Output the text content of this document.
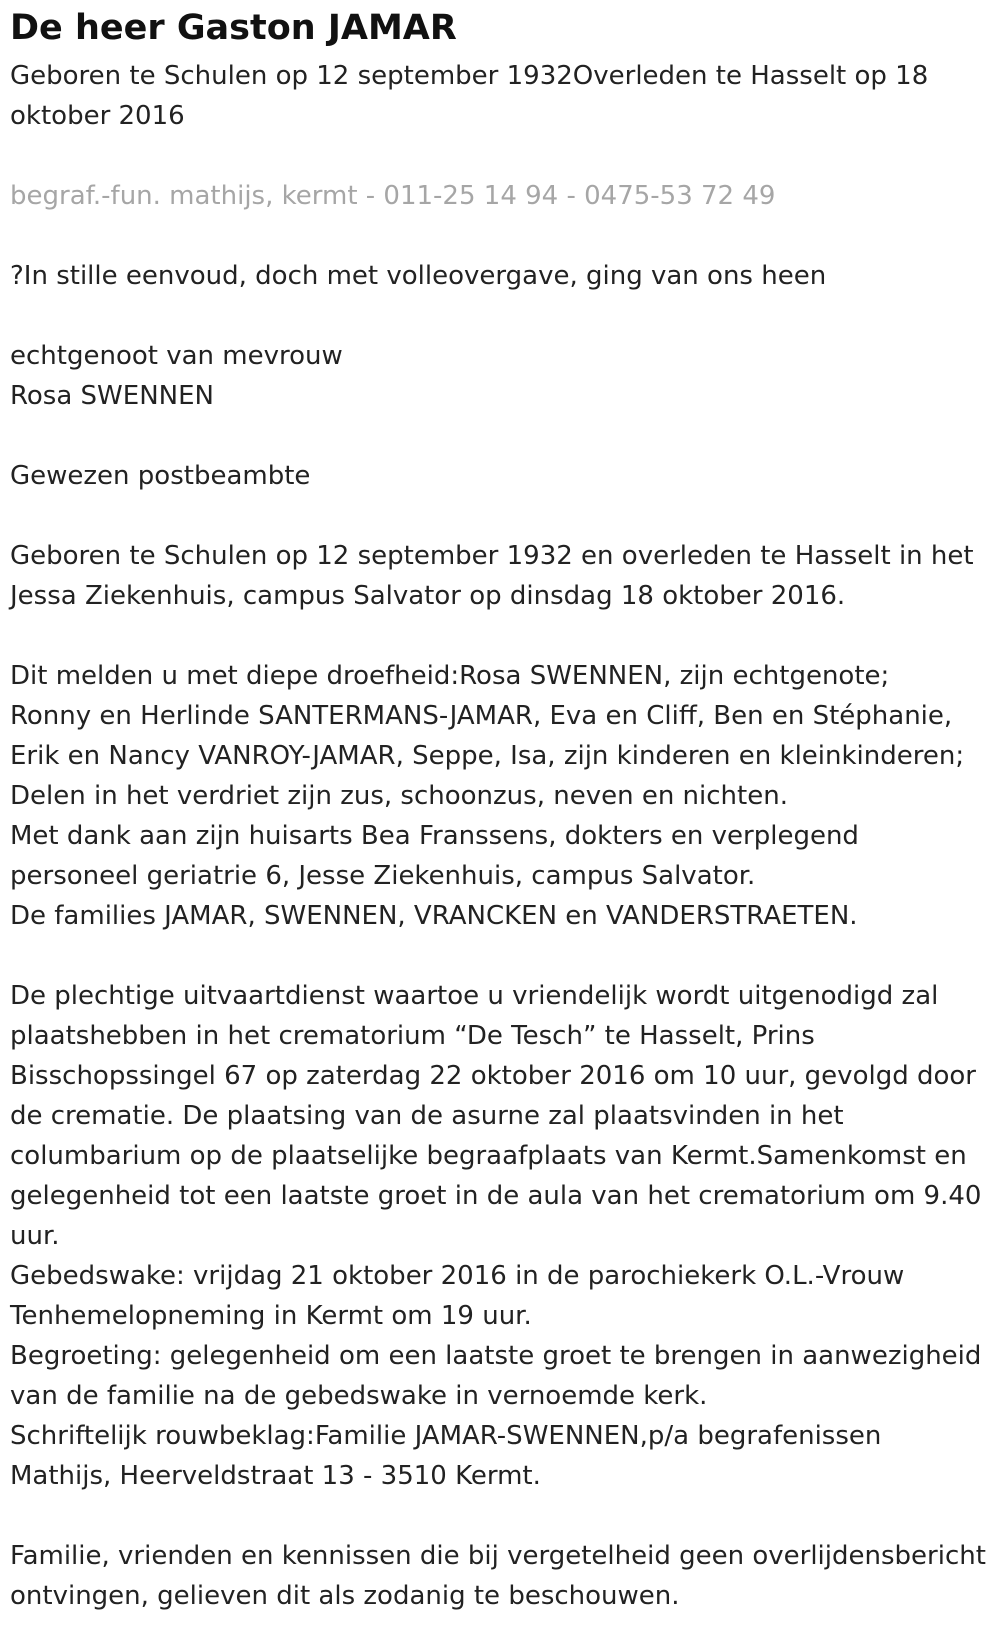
De heer Gaston JAMAR

Geboren te Schulen op 12 september 1932Overleden te Hasselt op 18 oktober 2016

begraf.-fun. mathijs, kermt - 011-25 14 94 - 0475-53 72 49

?In stille eenvoud, doch met volleovergave, ging van ons heen

echtgenoot van mevrouw
Rosa SWENNEN

Gewezen postbeambte

Geboren te Schulen op 12 september 1932 en overleden te Hasselt in het Jessa Ziekenhuis, campus Salvator op dinsdag 18 oktober 2016.

Dit melden u met diepe droefheid:Rosa SWENNEN, zijn echtgenote;
Ronny en Herlinde SANTERMANS-JAMAR, Eva en Cliff, Ben en Stéphanie,
Erik en Nancy VANROY-JAMAR, Seppe, Isa, zijn kinderen en kleinkinderen;
Delen in het verdriet zijn zus, schoonzus, neven en nichten.
Met dank aan zijn huisarts Bea Franssens, dokters en verplegend personeel geriatrie 6, Jesse Ziekenhuis, campus Salvator.
De families JAMAR, SWENNEN, VRANCKEN en VANDERSTRAETEN.

De plechtige uitvaartdienst waartoe u vriendelijk wordt uitgenodigd zal plaatshebben in het crematorium “De Tesch” te Hasselt, Prins Bisschopssingel 67 op zaterdag 22 oktober 2016 om 10 uur, gevolgd door de crematie. De plaatsing van de asurne zal plaatsvinden in het columbarium op de plaatselijke begraafplaats van Kermt.Samenkomst en gelegenheid tot een laatste groet in de aula van het crematorium om 9.40 uur.
Gebedswake: vrijdag 21 oktober 2016 in de parochiekerk O.L.-Vrouw Tenhemelopneming in Kermt om 19 uur.
Begroeting: gelegenheid om een laatste groet te brengen in aanwezigheid van de familie na de gebedswake in vernoemde kerk.
Schriftelijk rouwbeklag:Familie JAMAR-SWENNEN,p/a begrafenissen Mathijs, Heerveldstraat 13 - 3510 Kermt.

Familie, vrienden en kennissen die bij vergetelheid geen overlijdensbericht ontvingen, gelieven dit als zodanig te beschouwen.
